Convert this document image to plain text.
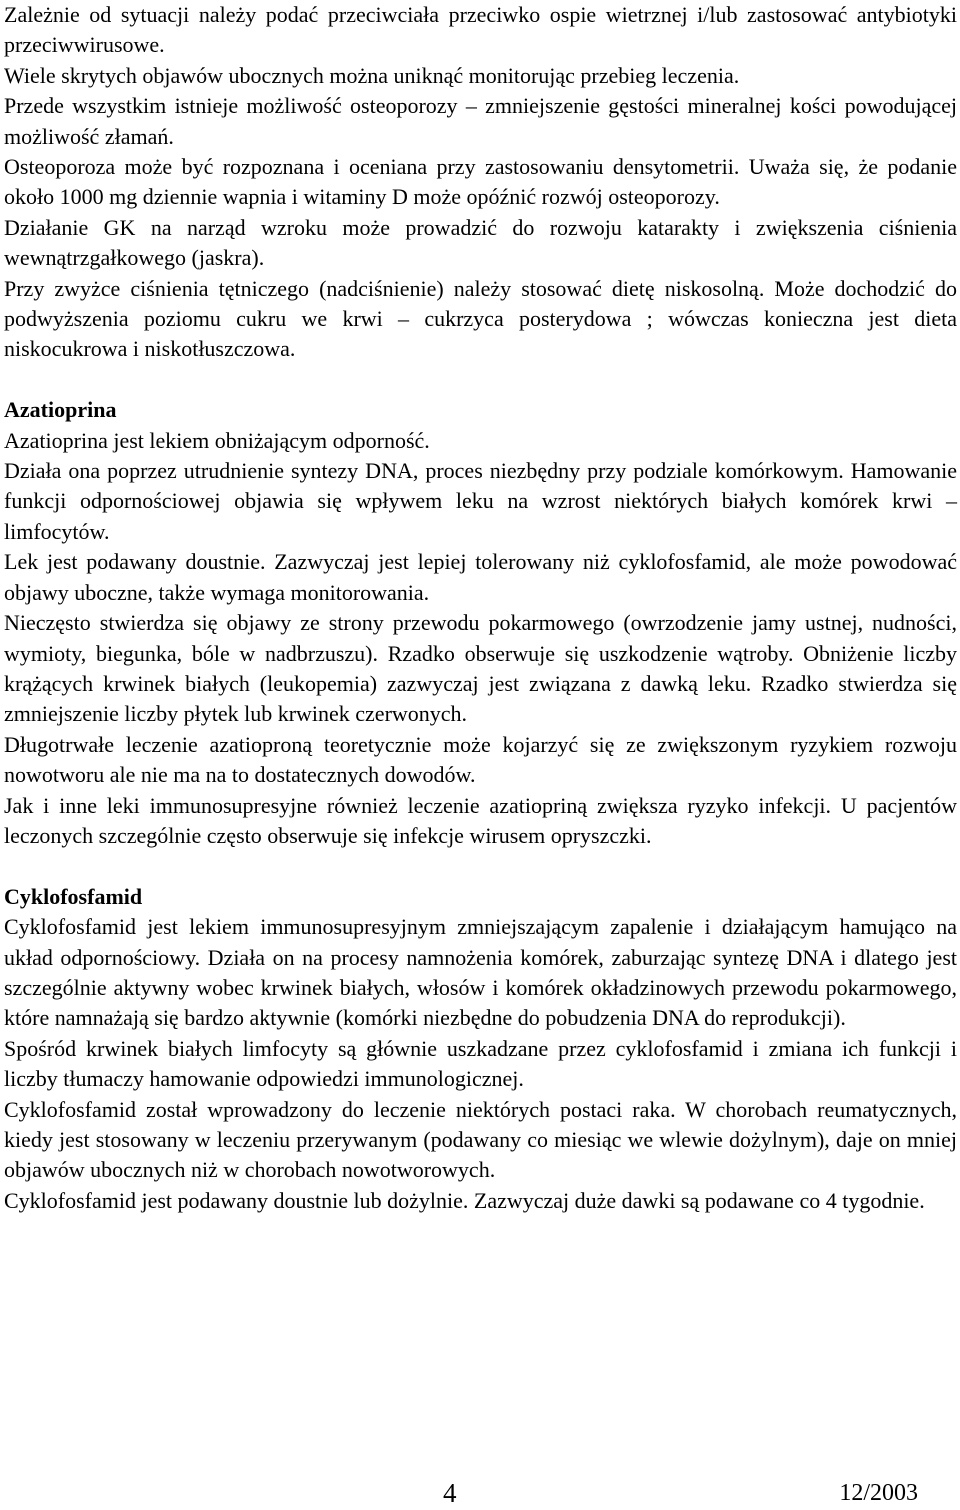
Zależnie od sytuacji należy podać przeciwciała przeciwko ospie wietrznej i/lub zastosować antybiotyki przeciwwirusowe.

Wiele skrytych objawów ubocznych można uniknąć monitorując przebieg leczenia.

Przede wszystkim istnieje możliwość osteoporozy – zmniejszenie gęstości mineralnej kości powodującej możliwość złamań.

Osteoporoza może być rozpoznana i oceniana przy zastosowaniu densytometrii. Uważa się, że podanie około 1000 mg dziennie wapnia i witaminy D może opóźnić rozwój osteoporozy.

Działanie GK na narząd wzroku może prowadzić do rozwoju katarakty i zwiększenia ciśnienia wewnątrzgałkowego (jaskra).

Przy zwyżce ciśnienia tętniczego (nadciśnienie) należy stosować dietę niskosolną. Może dochodzić do podwyższenia poziomu cukru we krwi – cukrzyca posterydowa ; wówczas konieczna jest dieta niskocukrowa i niskotłuszczowa.

Azatioprina

Azatioprina jest lekiem obniżającym odporność.

Działa ona poprzez utrudnienie syntezy DNA, proces niezbędny przy podziale komórkowym. Hamowanie funkcji odpornościowej objawia się wpływem leku na wzrost niektórych białych komórek krwi – limfocytów.

Lek jest podawany doustnie. Zazwyczaj jest lepiej tolerowany niż cyklofosfamid, ale może powodować objawy uboczne, także wymaga monitorowania.

Nieczęsto stwierdza się objawy ze strony przewodu pokarmowego (owrzodzenie jamy ustnej, nudności, wymioty, biegunka, bóle w nadbrzuszu). Rzadko obserwuje się uszkodzenie wątroby. Obniżenie liczby krążących krwinek białych (leukopemia) zazwyczaj jest związana z dawką leku. Rzadko stwierdza się zmniejszenie liczby płytek lub krwinek czerwonych.

Długotrwałe leczenie azatioproną teoretycznie może kojarzyć się ze zwiększonym ryzykiem rozwoju nowotworu ale nie ma na to dostatecznych dowodów.

Jak i inne leki immunosupresyjne również leczenie azatiopriną zwiększa ryzyko infekcji. U pacjentów leczonych szczególnie często obserwuje się infekcje wirusem opryszczki.

Cyklofosfamid

Cyklofosfamid jest lekiem immunosupresyjnym zmniejszającym zapalenie i działającym hamująco na układ odpornościowy. Działa on na procesy namnożenia komórek, zaburzając syntezę DNA i dlatego jest szczególnie aktywny wobec krwinek białych, włosów i komórek okładzinowych przewodu pokarmowego, które namnażają się bardzo aktywnie (komórki niezbędne do pobudzenia DNA do reprodukcji).

Spośród krwinek białych limfocyty są głównie uszkadzane przez cyklofosfamid i zmiana ich funkcji i liczby tłumaczy hamowanie odpowiedzi immunologicznej.

Cyklofosfamid został wprowadzony do leczenie niektórych postaci raka. W chorobach reumatycznych, kiedy jest stosowany w leczeniu przerywanym (podawany co miesiąc we wlewie dożylnym), daje on mniej objawów ubocznych niż w chorobach nowotworowych.

Cyklofosfamid jest podawany doustnie lub dożylnie. Zazwyczaj duże dawki są podawane co 4 tygodnie.

4	12/2003
